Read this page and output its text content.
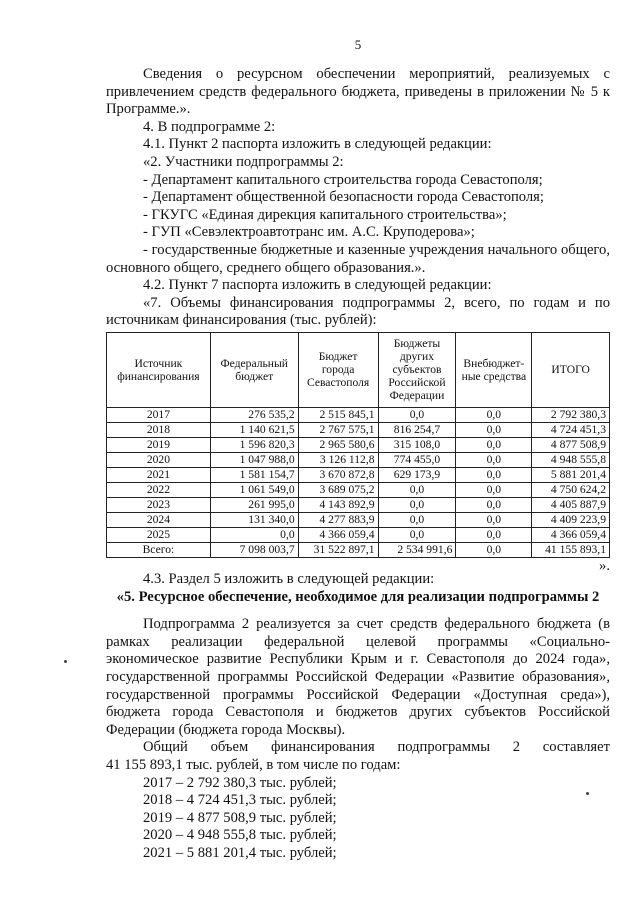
5

Сведения о ресурсном обеспечении мероприятий, реализуемых с привлечением средств федерального бюджета, приведены в приложении № 5 к Программе.».

4. В подпрограмме 2:

4.1. Пункт 2 паспорта изложить в следующей редакции:

«2. Участники подпрограммы 2:

- Департамент капитального строительства города Севастополя;

- Департамент общественной безопасности города Севастополя;

- ГКУГС «Единая дирекция капитального строительства»;

- ГУП «Севэлектроавтотранс им. А.С. Круподерова»;

- государственные бюджетные и казенные учреждения начального общего, основного общего, среднего общего образования.».

4.2. Пункт 7 паспорта изложить в следующей редакции:

«7. Объемы финансирования подпрограммы 2, всего, по годам и по источникам финансирования (тыс. рублей):

Источник финансирования	Федеральный бюджет	Бюджет города Севастополя	Бюджеты других субъектов Российской Федерации	Внебюджет-ные средства	ИТОГО
2017	276 535,2	2 515 845,1	0,0	0,0	2 792 380,3
2018	1 140 621,5	2 767 575,1	816 254,7	0,0	4 724 451,3
2019	1 596 820,3	2 965 580,6	315 108,0	0,0	4 877 508,9
2020	1 047 988,0	3 126 112,8	774 455,0	0,0	4 948 555,8
2021	1 581 154,7	3 670 872,8	629 173,9	0,0	5 881 201,4
2022	1 061 549,0	3 689 075,2	0,0	0,0	4 750 624,2
2023	261 995,0	4 143 892,9	0,0	0,0	4 405 887,9
2024	131 340,0	4 277 883,9	0,0	0,0	4 409 223,9
2025	0,0	4 366 059,4	0,0	0,0	4 366 059,4
Всего:	7 098 003,7	31 522 897,1	2 534 991,6	0,0	41 155 893,1

».

4.3. Раздел 5 изложить в следующей редакции:

«5. Ресурсное обеспечение, необходимое для реализации подпрограммы 2

Подпрограмма 2 реализуется за счет средств федерального бюджета (в рамках реализации федеральной целевой программы «Социально-экономическое развитие Республики Крым и г. Севастополя до 2024 года», государственной программы Российской Федерации «Развитие образования», государственной программы Российской Федерации «Доступная среда»), бюджета города Севастополя и бюджетов других субъектов Российской Федерации (бюджета города Москвы).

Общий объем финансирования подпрограммы 2 составляет

41 155 893,1 тыс. рублей, в том числе по годам:

2017 – 2 792 380,3 тыс. рублей;

2018 – 4 724 451,3 тыс. рублей;

2019 – 4 877 508,9 тыс. рублей;

2020 – 4 948 555,8 тыс. рублей;

2021 – 5 881 201,4 тыс. рублей;
